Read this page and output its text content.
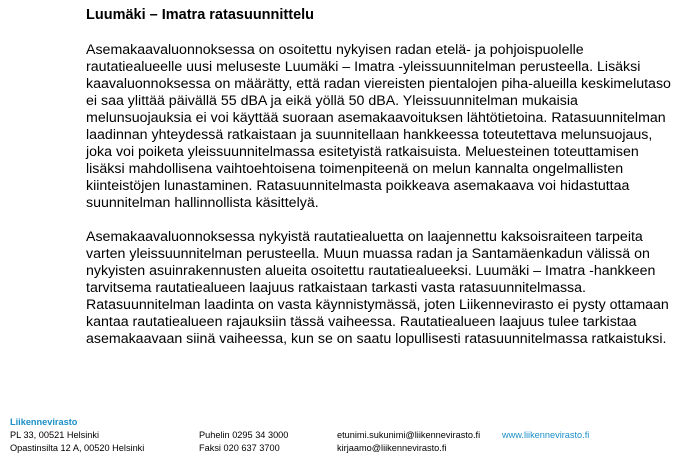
Luumäki – Imatra ratasuunnittelu

Asemakaavaluonnoksessa on osoitettu nykyisen radan etelä- ja pohjoispuolelle rautatiealueelle uusi meluseste Luumäki – Imatra -yleissuunnitelman perusteella. Lisäksi kaavaluonnoksessa on määrätty, että radan viereisten pientalojen piha-alueilla keskimelutaso ei saa ylittää päivällä 55 dBA ja eikä yöllä 50 dBA. Yleissuunnitelman mukaisia melunsuojauksia ei voi käyttää suoraan asemakaavoituksen lähtötietoina. Ratasuunnitelman laadinnan yhteydessä ratkaistaan ja suunnitellaan hankkeessa toteutettava melunsuojaus, joka voi poiketa yleissuunnitelmassa esitetyistä ratkaisuista. Meluesteinen toteuttamisen lisäksi mahdollisena vaihtoehtoisena toimenpiteenä on melun kannalta ongelmallisten kiinteistöjen lunastaminen. Ratasuunnitelmasta poikkeava asemakaava voi hidastuttaa suunnitelman hallinnollista käsittelyä.

Asemakaavaluonnoksessa nykyistä rautatiealuetta on laajennettu kaksoisraiteen tarpeita varten yleissuunnitelman perusteella. Muun muassa radan ja Santamäenkadun välissä on nykyisten asuinrakennusten alueita osoitettu rautatiealueeksi. Luumäki – Imatra -hankkeen tarvitsema rautatiealueen laajuus ratkaistaan tarkasti vasta ratasuunnitelmassa. Ratasuunnitelman laadinta on vasta käynnistymässä, joten Liikennevirasto ei pysty ottamaan kantaa rautatiealueen rajauksiin tässä vaiheessa. Rautatiealueen laajuus tulee tarkistaa asemakaavaan siinä vaiheessa, kun se on saatu lopullisesti ratasuunnitelmassa ratkaistuksi.

Liikennevirasto
PL 33, 00521 Helsinki
Opastinsilta 12 A, 00520 Helsinki
Puhelin 0295 34 3000
Faksi 020 637 3700
etunimi.sukunimi@liikennevirasto.fi
kirjaamo@liikennevirasto.fi
www.liikennevirasto.fi
